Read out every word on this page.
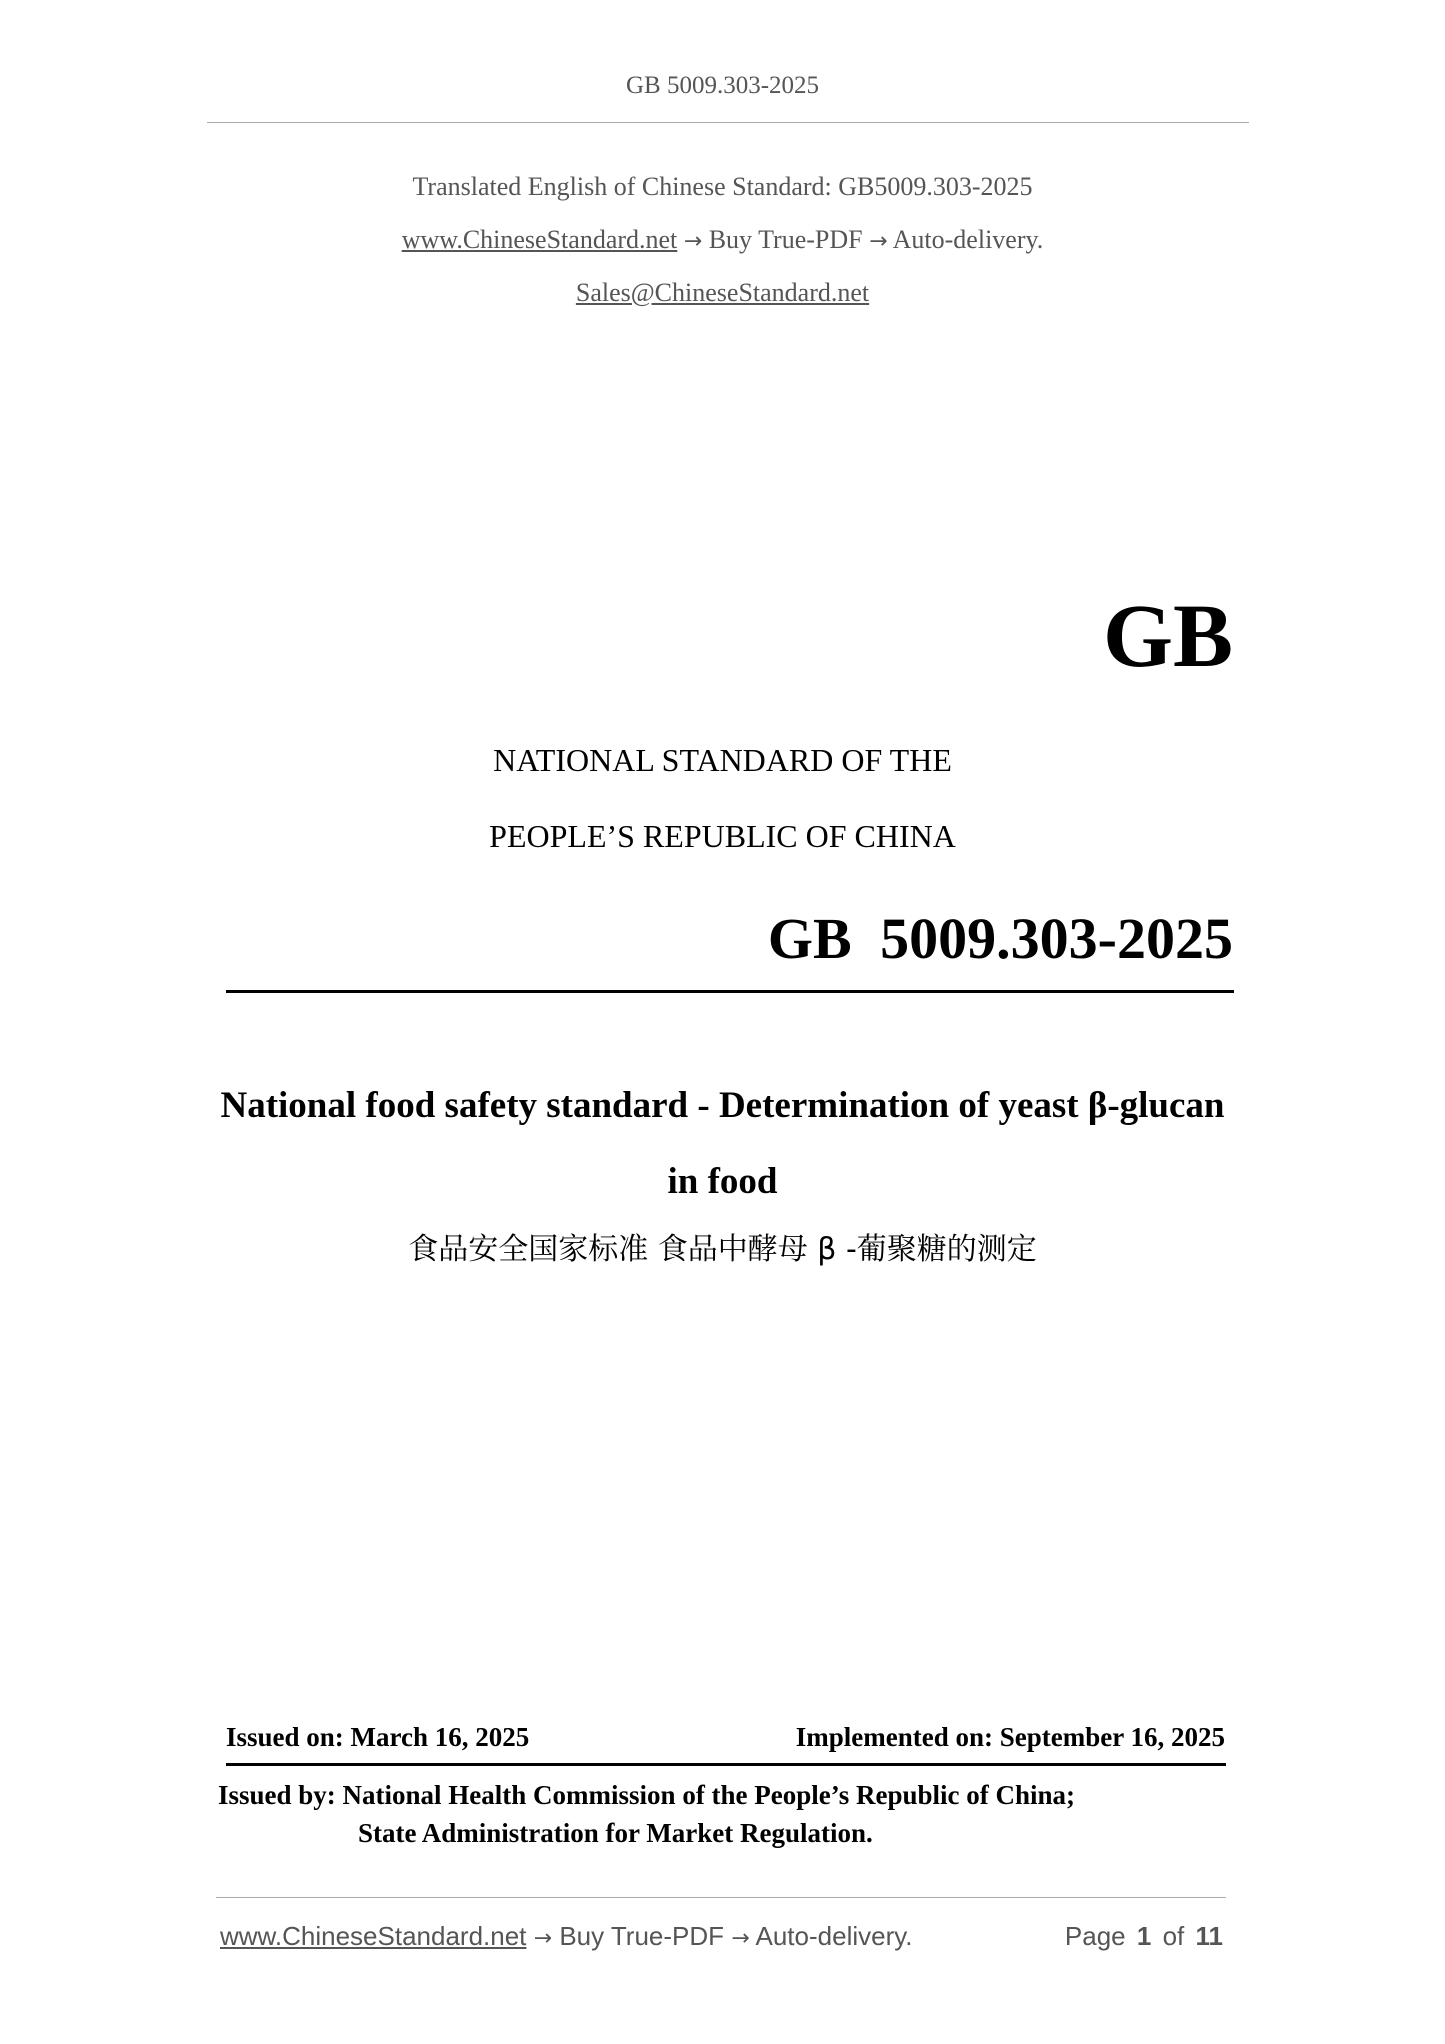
GB 5009.303-2025
Translated English of Chinese Standard: GB5009.303-2025
www.ChineseStandard.net → Buy True-PDF → Auto-delivery.
Sales@ChineseStandard.net
GB
NATIONAL STANDARD OF THE
PEOPLE’S REPUBLIC OF CHINA
GB 5009.303-2025
National food safety standard - Determination of yeast β-glucan in food
食品安全国家标准 食品中酵母 β -葡聚糖的测定
Issued on: March 16, 2025	Implemented on: September 16, 2025
Issued by: National Health Commission of the People’s Republic of China;
State Administration for Market Regulation.
www.ChineseStandard.net → Buy True-PDF → Auto-delivery.	Page 1 of 11
